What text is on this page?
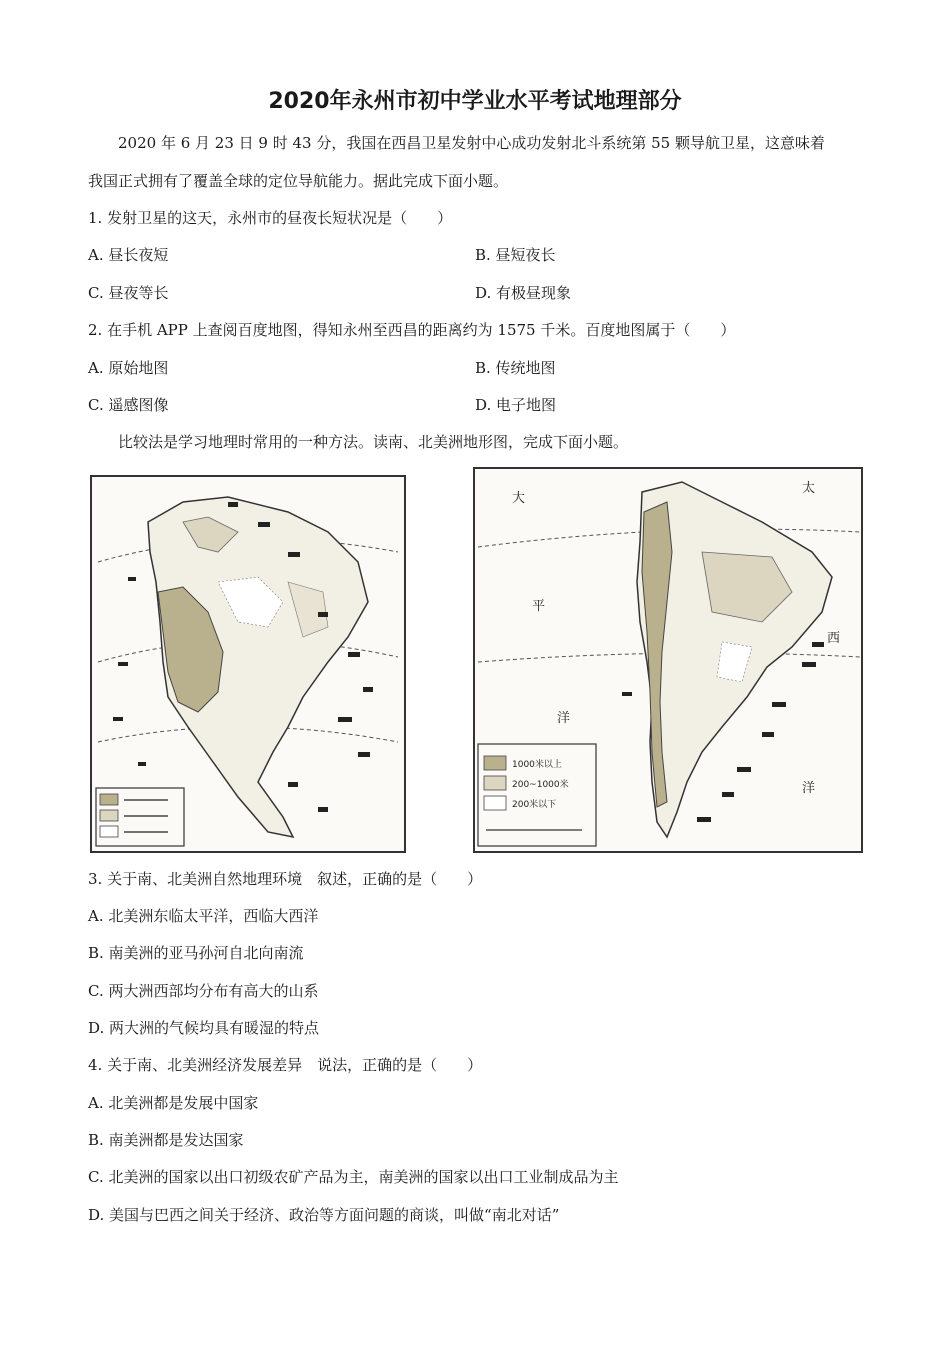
2020年永州市初中学业水平考试地理部分
2020 年 6 月 23 日 9 时 43 分，我国在西昌卫星发射中心成功发射北斗系统第 55 颗导航卫星，这意味着
我国正式拥有了覆盖全球的定位导航能力。据此完成下面小题。
1. 发射卫星的这天，永州市的昼夜长短状况是（　　）
A. 昼长夜短	B. 昼短夜长
C. 昼夜等长	D. 有极昼现象
2. 在手机 APP 上查阅百度地图，得知永州至西昌的距离约为 1575 千米。百度地图属于（　　）
A. 原始地图	B. 传统地图
C. 遥感图像	D. 电子地图
比较法是学习地理时常用的一种方法。读南、北美洲地形图，完成下面小题。
大
西
洋
平
洋
太
1000米以上
200~1000米
200米以下
3. 关于南、北美洲自然地理环境　叙述，正确的是（　　）
A. 北美洲东临太平洋，西临大西洋
B. 南美洲的亚马孙河自北向南流
C. 两大洲西部均分布有高大的山系
D. 两大洲的气候均具有暖湿的特点
4. 关于南、北美洲经济发展差异　说法，正确的是（　　）
A. 北美洲都是发展中国家
B. 南美洲都是发达国家
C. 北美洲的国家以出口初级农矿产品为主，南美洲的国家以出口工业制成品为主
D. 美国与巴西之间关于经济、政治等方面问题的商谈，叫做“南北对话”
